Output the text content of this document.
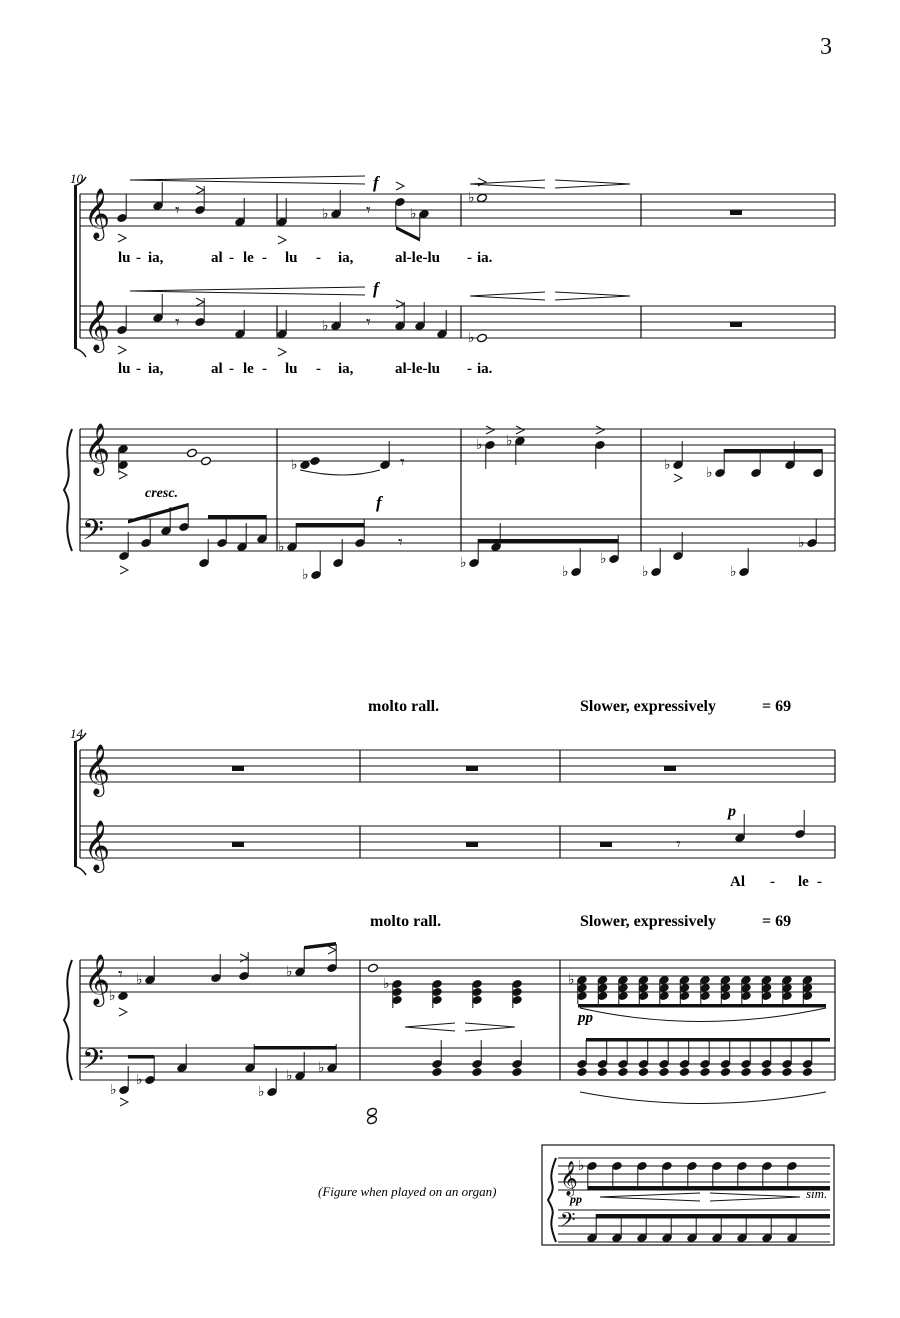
3
𝄞
𝄞
𝄞
𝄢
𝄞
𝄞
𝄞
𝄢
𝄞
𝄢
𝄾	♭ 𝄾	♭
♭
𝄾	♭ 𝄾
♭
♭	𝄾
♭ ♭
♭	♭
♭
♭
𝄾
♭
♭
♭
♭	♭
♭
𝄾
𝄾
♭
♭	♭
♭	♭
♭
♭
♭
♭ ♭
♭
10	f
f
cresc.	f
lu - ia,	al - le - lu - ia,	al-le-lu - ia.
lu - ia,	al - le - lu - ia,	al-le-lu - ia.
molto rall.	Slower, expressively	= 69
14
p
Al - le -
molto rall.	Slower, expressively	= 69
pp
(Figure when played on an organ)	pp	sim.
